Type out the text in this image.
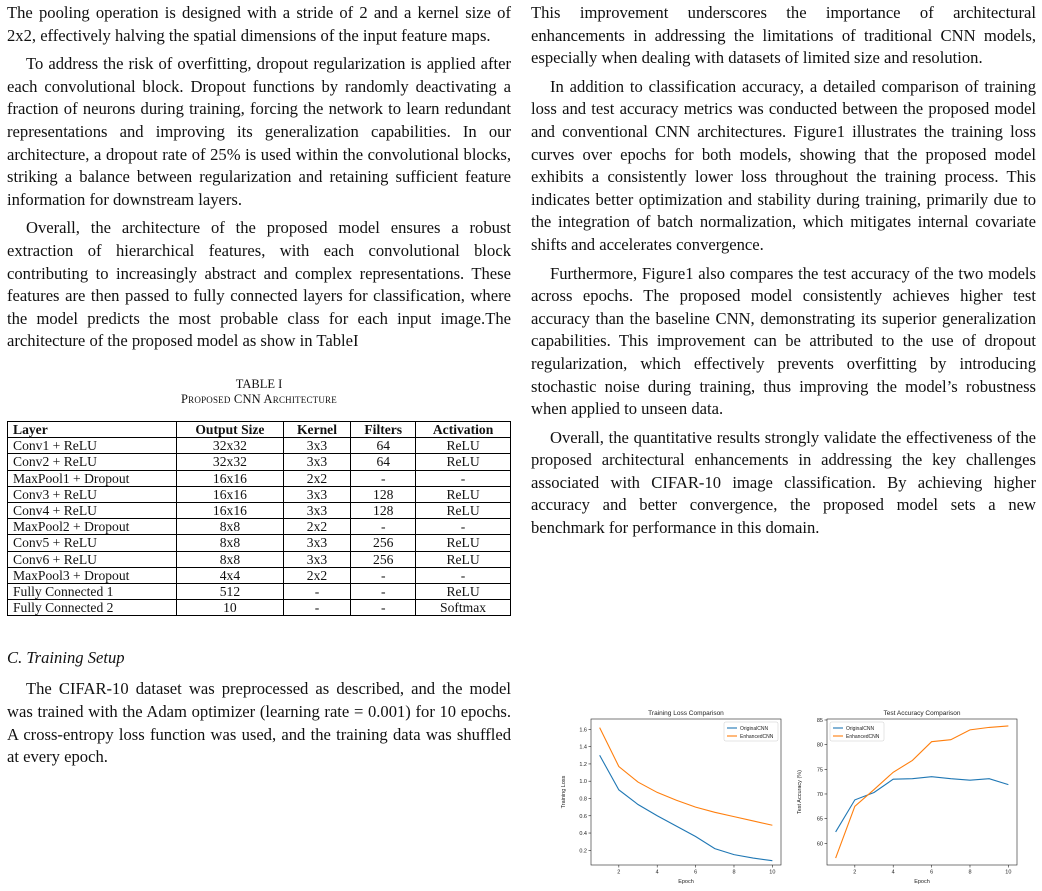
The pooling operation is designed with a stride of 2 and a kernel size of 2x2, effectively halving the spatial dimensions of the input feature maps.

To address the risk of overfitting, dropout regularization is applied after each convolutional block. Dropout functions by randomly deactivating a fraction of neurons during training, forcing the network to learn redundant representations and improving its generalization capabilities. In our architecture, a dropout rate of 25% is used within the convolutional blocks, striking a balance between regularization and retaining sufficient feature information for downstream layers.

Overall, the architecture of the proposed model ensures a robust extraction of hierarchical features, with each convolutional block contributing to increasingly abstract and complex representations. These features are then passed to fully connected layers for classification, where the model predicts the most probable class for each input image.The architecture of the proposed model as show in TableI

TABLE I
Proposed CNN Architecture
Layer	Output Size	Kernel	Filters	Activation
Conv1 + ReLU	32x32	3x3	64	ReLU
Conv2 + ReLU	32x32	3x3	64	ReLU
MaxPool1 + Dropout	16x16	2x2	-	-
Conv3 + ReLU	16x16	3x3	128	ReLU
Conv4 + ReLU	16x16	3x3	128	ReLU
MaxPool2 + Dropout	8x8	2x2	-	-
Conv5 + ReLU	8x8	3x3	256	ReLU
Conv6 + ReLU	8x8	3x3	256	ReLU
MaxPool3 + Dropout	4x4	2x2	-	-
Fully Connected 1	512	-	-	ReLU
Fully Connected 2	10	-	-	Softmax
C. Training Setup

The CIFAR-10 dataset was preprocessed as described, and the model was trained with the Adam optimizer (learning rate = 0.001) for 10 epochs. A cross-entropy loss function was used, and the training data was shuffled at every epoch.

This improvement underscores the importance of architectural enhancements in addressing the limitations of traditional CNN models, especially when dealing with datasets of limited size and resolution.

In addition to classification accuracy, a detailed comparison of training loss and test accuracy metrics was conducted between the proposed model and conventional CNN architectures. Figure1 illustrates the training loss curves over epochs for both models, showing that the proposed model exhibits a consistently lower loss throughout the training process. This indicates better optimization and stability during training, primarily due to the integration of batch normalization, which mitigates internal covariate shifts and accelerates convergence.

Furthermore, Figure1 also compares the test accuracy of the two models across epochs. The proposed model consistently achieves higher test accuracy than the baseline CNN, demonstrating its superior generalization capabilities. This improvement can be attributed to the use of dropout regularization, which effectively prevents overfitting by introducing stochastic noise during training, thus improving the model’s robustness when applied to unseen data.

Overall, the quantitative results strongly validate the effectiveness of the proposed architectural enhancements in addressing the key challenges associated with CIFAR-10 image classification. By achieving higher accuracy and better convergence, the proposed model sets a new benchmark for performance in this domain.

Training Loss Comparison
2	4	6	8	10
0.2
0.4
0.6
0.8
1.0
1.2
1.4
1.6
Epoch
Training Loss
OriginalCNN
EnhancedCNN
Test Accuracy Comparison
2	4	6	8	10
60
65
70
75
80
85
Epoch
Test Accuracy (%)
OriginalCNN
EnhancedCNN
